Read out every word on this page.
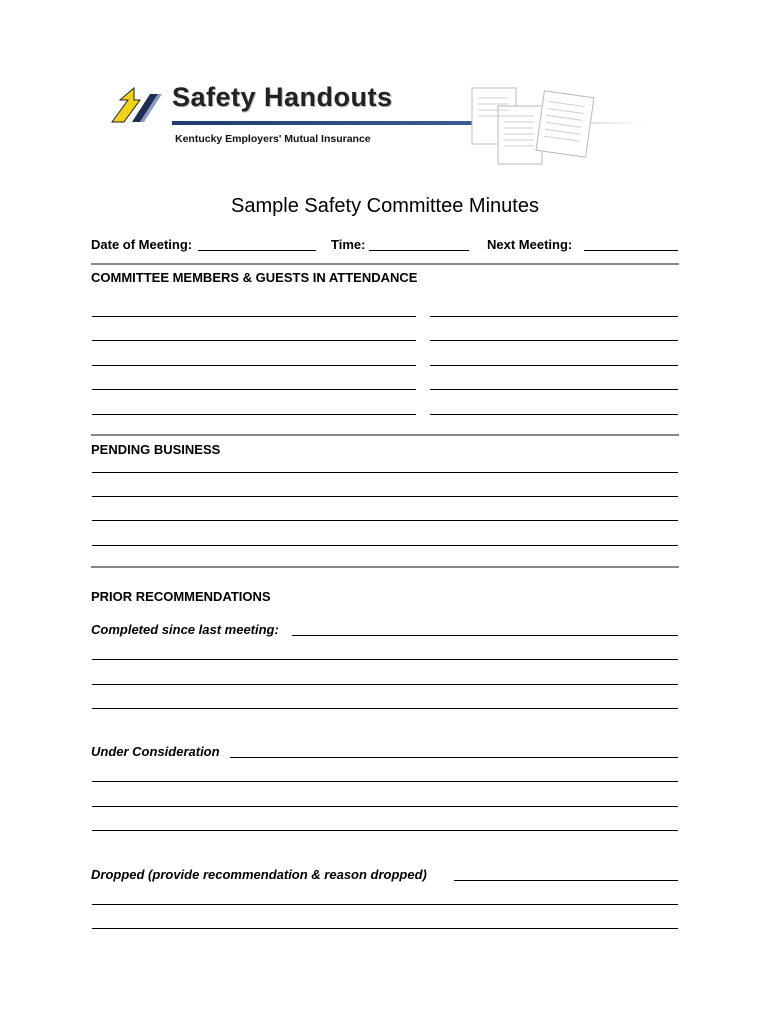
Safety Handouts
Kentucky Employers' Mutual Insurance
Sample Safety Committee Minutes
Date of Meeting:	Time:	Next Meeting:
COMMITTEE MEMBERS & GUESTS IN ATTENDANCE
PENDING BUSINESS
PRIOR RECOMMENDATIONS
Completed since last meeting:
Under Consideration
Dropped (provide recommendation & reason dropped)
